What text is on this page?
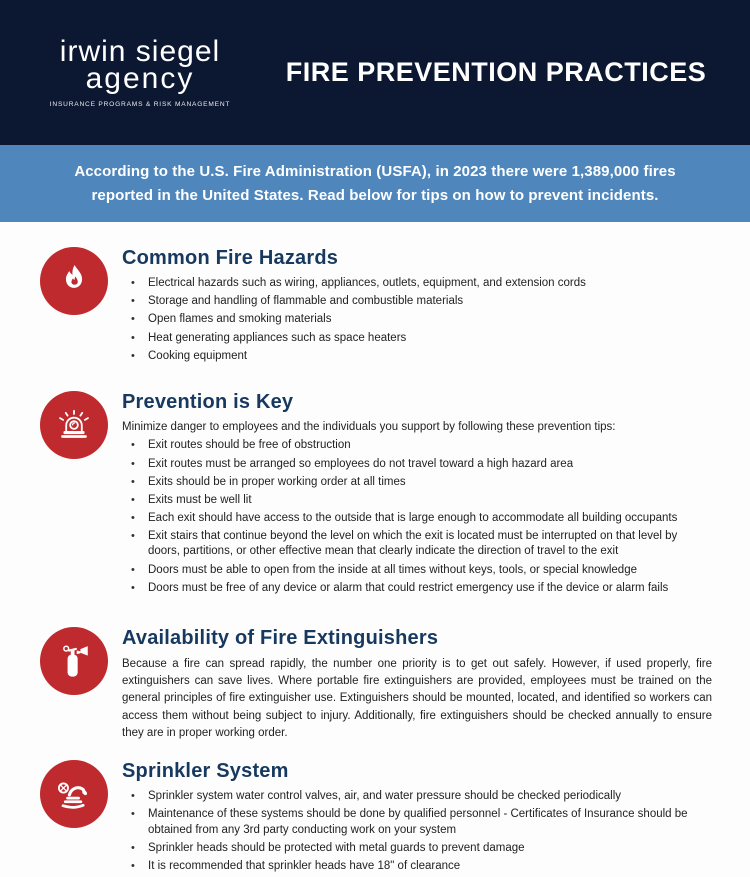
irwin siegel
agency
INSURANCE PROGRAMS & RISK MANAGEMENT
FIRE PREVENTION PRACTICES

According to the U.S. Fire Administration (USFA), in 2023 there were 1,389,000 fires reported in the United States. Read below for tips on how to prevent incidents.

Common Fire Hazards
• Electrical hazards such as wiring, appliances, outlets, equipment, and extension cords
• Storage and handling of flammable and combustible materials
• Open flames and smoking materials
• Heat generating appliances such as space heaters
• Cooking equipment
Prevention is Key

Minimize danger to employees and the individuals you support by following these prevention tips:

• Exit routes should be free of obstruction
• Exit routes must be arranged so employees do not travel toward a high hazard area
• Exits should be in proper working order at all times
• Exits must be well lit
• Each exit should have access to the outside that is large enough to accommodate all building occupants
• Exit stairs that continue beyond the level on which the exit is located must be interrupted on that level by doors, partitions, or other effective mean that clearly indicate the direction of travel to the exit
• Doors must be able to open from the inside at all times without keys, tools, or special knowledge
• Doors must be free of any device or alarm that could restrict emergency use if the device or alarm fails
Availability of Fire Extinguishers

Because a fire can spread rapidly, the number one priority is to get out safely. However, if used properly, fire extinguishers can save lives. Where portable fire extinguishers are provided, employees must be trained on the general principles of fire extinguisher use. Extinguishers should be mounted, located, and identified so workers can access them without being subject to injury. Additionally, fire extinguishers should be checked annually to ensure they are in proper working order.

Sprinkler System
• Sprinkler system water control valves, air, and water pressure should be checked periodically
• Maintenance of these systems should be done by qualified personnel - Certificates of Insurance should be obtained from any 3rd party conducting work on your system
• Sprinkler heads should be protected with metal guards to prevent damage
• It is recommended that sprinkler heads have 18" of clearance
